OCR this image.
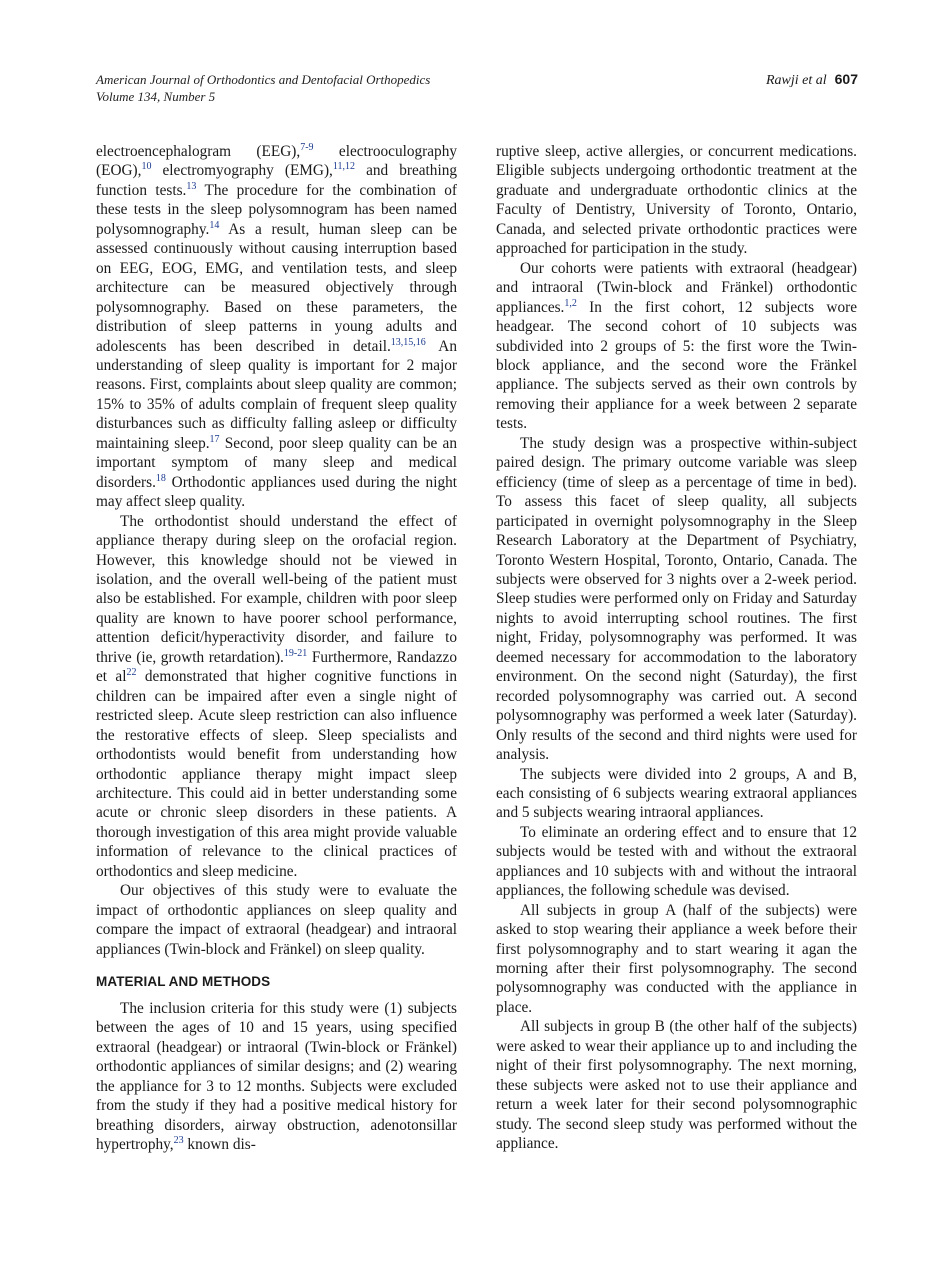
American Journal of Orthodontics and Dentofacial Orthopedics
Volume 134, Number 5
Rawji et al 607

electroencephalogram (EEG),$^{7-9}$ electrooculography (EOG),$^{10}$ electromyography (EMG),$^{11,12}$ and breathing function tests.$^{13}$ The procedure for the combination of these tests in the sleep polysomnogram has been named polysomnography.$^{14}$ As a result, human sleep can be assessed continuously without causing interruption based on EEG, EOG, EMG, and ventilation tests, and sleep architecture can be measured objectively through polysomnography. Based on these parameters, the distribution of sleep patterns in young adults and adolescents has been described in detail.$^{13,15,16}$ An understanding of sleep quality is important for 2 major reasons. First, complaints about sleep quality are common; 15% to 35% of adults complain of frequent sleep quality disturbances such as difficulty falling asleep or difficulty maintaining sleep.$^{17}$ Second, poor sleep quality can be an important symptom of many sleep and medical disorders.$^{18}$ Orthodontic appliances used during the night may affect sleep quality.

The orthodontist should understand the effect of appliance therapy during sleep on the orofacial region. However, this knowledge should not be viewed in isolation, and the overall well-being of the patient must also be established. For example, children with poor sleep quality are known to have poorer school performance, attention deficit/hyperactivity disorder, and failure to thrive (ie, growth retardation).$^{19-21}$ Furthermore, Randazzo et $al^{22}$ demonstrated that higher cognitive functions in children can be impaired after even a single night of restricted sleep. Acute sleep restriction can also influence the restorative effects of sleep. Sleep specialists and orthodontists would benefit from understanding how orthodontic appliance therapy might impact sleep architecture. This could aid in better understanding some acute or chronic sleep disorders in these patients. A thorough investigation of this area might provide valuable information of relevance to the clinical practices of orthodontics and sleep medicine.

Our objectives of this study were to evaluate the impact of orthodontic appliances on sleep quality and compare the impact of extraoral (headgear) and intraoral appliances (Twin-block and Fränkel) on sleep quality.

MATERIAL AND METHODS

The inclusion criteria for this study were (1) subjects between the ages of 10 and 15 years, using specified extraoral (headgear) or intraoral (Twin-block or Fränkel) orthodontic appliances of similar designs; and (2) wearing the appliance for 3 to 12 months. Subjects were excluded from the study if they had a positive medical history for breathing disorders, airway obstruction, adenotonsillar hypertrophy,$^{23}$ known dis-

ruptive sleep, active allergies, or concurrent medications. Eligible subjects undergoing orthodontic treatment at the graduate and undergraduate orthodontic clinics at the Faculty of Dentistry, University of Toronto, Ontario, Canada, and selected private orthodontic practices were approached for participation in the study.

Our cohorts were patients with extraoral (headgear) and intraoral (Twin-block and Fränkel) orthodontic appliances.$^{1,2}$ In the first cohort, 12 subjects wore headgear. The second cohort of 10 subjects was subdivided into 2 groups of 5: the first wore the Twin-block appliance, and the second wore the Fränkel appliance. The subjects served as their own controls by removing their appliance for a week between 2 separate tests.

The study design was a prospective within-subject paired design. The primary outcome variable was sleep efficiency (time of sleep as a percentage of time in bed). To assess this facet of sleep quality, all subjects participated in overnight polysomnography in the Sleep Research Laboratory at the Department of Psychiatry, Toronto Western Hospital, Toronto, Ontario, Canada. The subjects were observed for 3 nights over a 2-week period. Sleep studies were performed only on Friday and Saturday nights to avoid interrupting school routines. The first night, Friday, polysomnography was performed. It was deemed necessary for accommodation to the laboratory environment. On the second night (Saturday), the first recorded polysomnography was carried out. A second polysomnography was performed a week later (Saturday). Only results of the second and third nights were used for analysis.

The subjects were divided into 2 groups, A and B, each consisting of 6 subjects wearing extraoral appliances and 5 subjects wearing intraoral appliances.

To eliminate an ordering effect and to ensure that 12 subjects would be tested with and without the extraoral appliances and 10 subjects with and without the intraoral appliances, the following schedule was devised.

All subjects in group A (half of the subjects) were asked to stop wearing their appliance a week before their first polysomnography and to start wearing it agan the morning after their first polysomnography. The second polysomnography was conducted with the appliance in place.

All subjects in group B (the other half of the subjects) were asked to wear their appliance up to and including the night of their first polysomnography. The next morning, these subjects were asked not to use their appliance and return a week later for their second polysomnographic study. The second sleep study was performed without the appliance.
